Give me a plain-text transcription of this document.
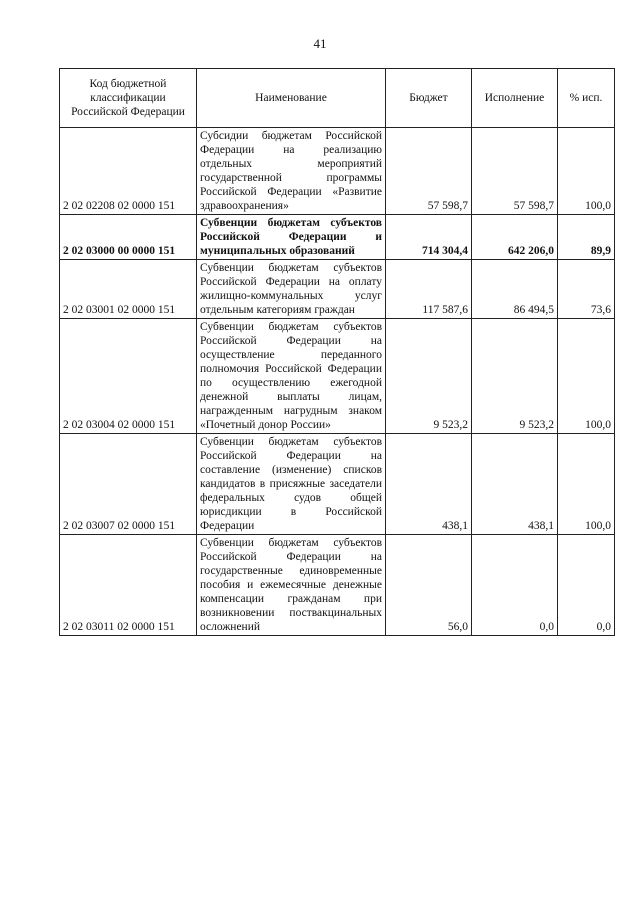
41
Код бюджетной классификации Российской Федерации	Наименование	Бюджет	Исполнение	% исп.
2 02 02208 02 0000 151	Субсидии бюджетам Российской Федерации на реализацию отдельных мероприятий государственной программы Российской Федерации «Развитие здравоохранения»	57 598,7	57 598,7	100,0
2 02 03000 00 0000 151	Субвенции бюджетам субъектов Российской Федерации и муниципальных образований	714 304,4	642 206,0	89,9
2 02 03001 02 0000 151	Субвенции бюджетам субъектов Российской Федерации на оплату жилищно-коммунальных услуг отдельным категориям граждан	117 587,6	86 494,5	73,6
2 02 03004 02 0000 151	Субвенции бюджетам субъектов Российской Федерации на осуществление переданного полномочия Российской Федерации по осуществлению ежегодной денежной выплаты лицам, награжденным нагрудным знаком «Почетный донор России»	9 523,2	9 523,2	100,0
2 02 03007 02 0000 151	Субвенции бюджетам субъектов Российской Федерации на составление (изменение) списков кандидатов в присяжные заседатели федеральных судов общей юрисдикции в Российской Федерации	438,1	438,1	100,0
2 02 03011 02 0000 151	Субвенции бюджетам субъектов Российской Федерации на государственные единовременные пособия и ежемесячные денежные компенсации гражданам при возникновении поствакцинальных осложнений	56,0	0,0	0,0
